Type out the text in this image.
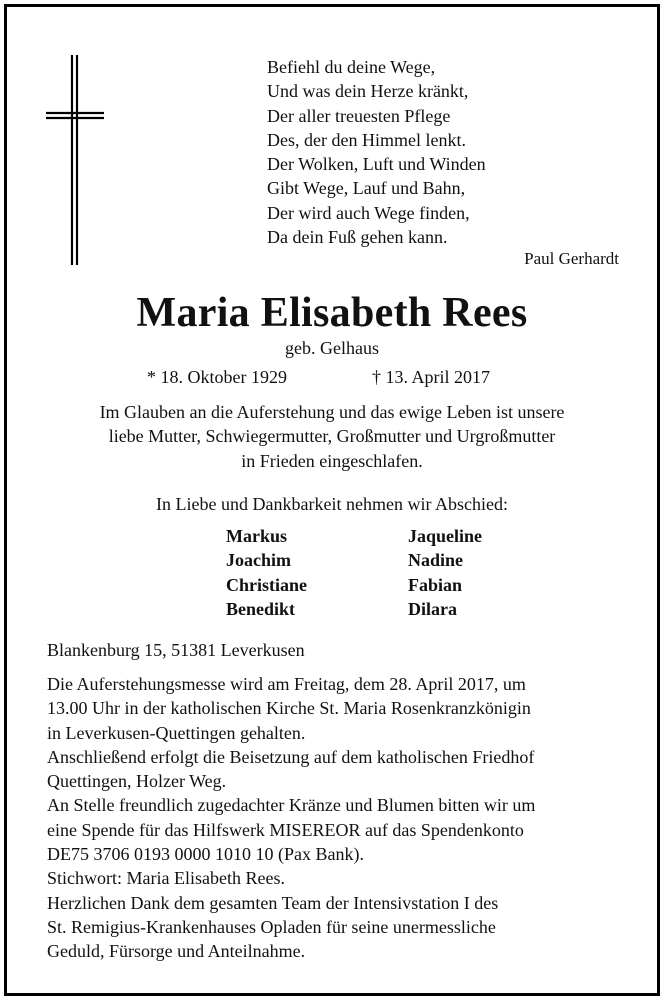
Befiehl du deine Wege,
Und was dein Herze kränkt,
Der aller treuesten Pflege
Des, der den Himmel lenkt.
Der Wolken, Luft und Winden
Gibt Wege, Lauf und Bahn,
Der wird auch Wege finden,
Da dein Fuß gehen kann.
Paul Gerhardt
Maria Elisabeth Rees
geb. Gelhaus
* 18. Oktober 1929	† 13. April 2017
Im Glauben an die Auferstehung und das ewige Leben ist unsere
liebe Mutter, Schwiegermutter, Großmutter und Urgroßmutter
in Frieden eingeschlafen.
In Liebe und Dankbarkeit nehmen wir Abschied:
Markus
Joachim
Christiane
Benedikt
Jaqueline
Nadine
Fabian
Dilara
Blankenburg 15, 51381 Leverkusen
Die Auferstehungsmesse wird am Freitag, dem 28. April 2017, um
13.00 Uhr in der katholischen Kirche St. Maria Rosenkranzkönigin
in Leverkusen-Quettingen gehalten.
Anschließend erfolgt die Beisetzung auf dem katholischen Friedhof
Quettingen, Holzer Weg.
An Stelle freundlich zugedachter Kränze und Blumen bitten wir um
eine Spende für das Hilfswerk MISEREOR auf das Spendenkonto
DE75 3706 0193 0000 1010 10 (Pax Bank).
Stichwort: Maria Elisabeth Rees.
Herzlichen Dank dem gesamten Team der Intensivstation I des
St. Remigius-Krankenhauses Opladen für seine unermessliche
Geduld, Fürsorge und Anteilnahme.
